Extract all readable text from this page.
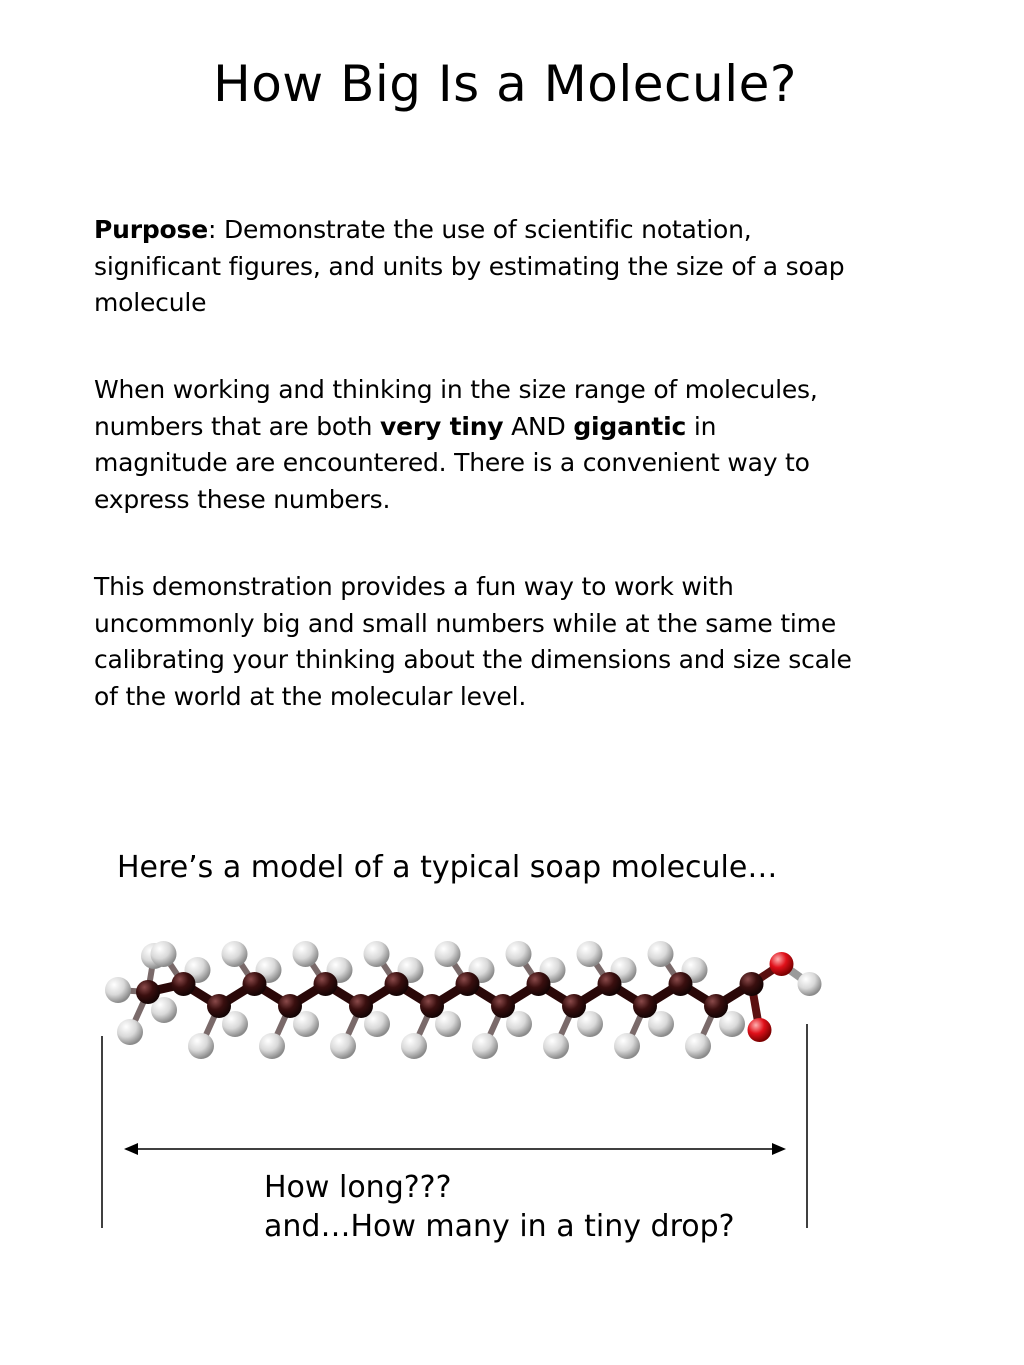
How Big Is a Molecule?
Purpose: Demonstrate the use of scientific notation, significant figures, and units by estimating the size of a soap molecule
When working and thinking in the size range of molecules, numbers that are both very tiny AND gigantic in magnitude are encountered. There is a convenient way to express these numbers.
This demonstration provides a fun way to work with
uncommonly big and small numbers while at the same time calibrating your thinking about the dimensions and size scale of the world at the molecular level.
Here’s a model of a typical soap molecule…
How long???
and…How many in a tiny drop?
